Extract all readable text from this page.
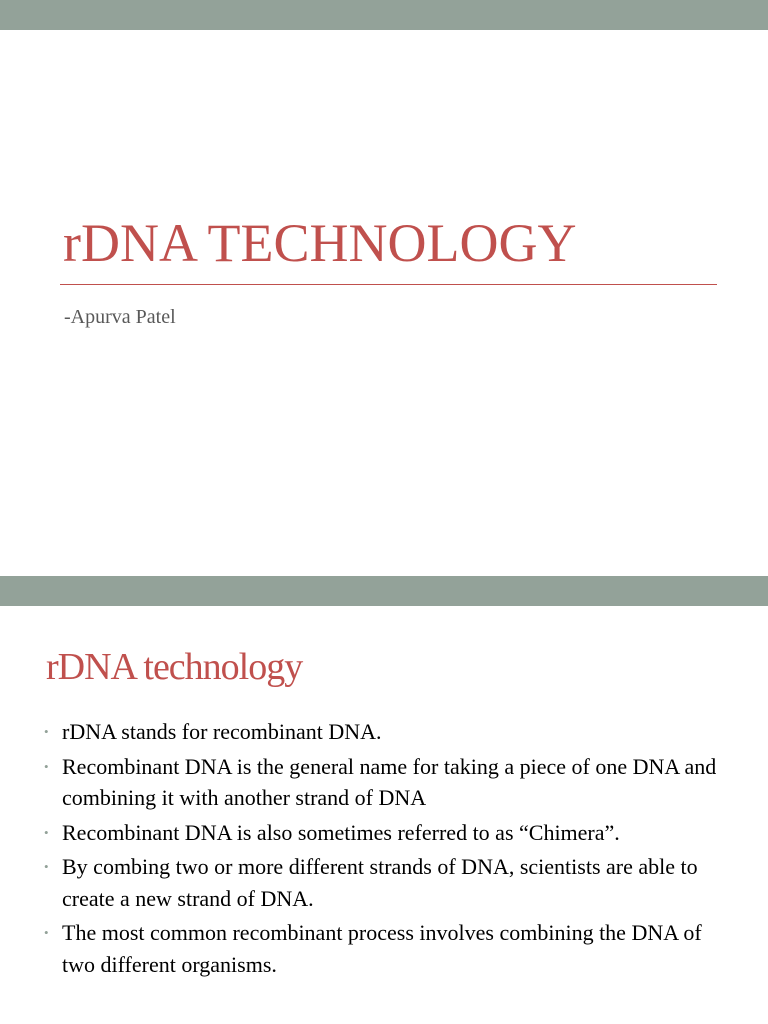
rDNA TECHNOLOGY
-Apurva Patel
rDNA technology
• rDNA stands for recombinant DNA.
• Recombinant DNA is the general name for taking a piece of one DNA and combining it with another strand of DNA
• Recombinant DNA is also sometimes referred to as “Chimera”.
• By combing two or more different strands of DNA, scientists are able to create a new strand of DNA.
• The most common recombinant process involves combining the DNA of two different organisms.
